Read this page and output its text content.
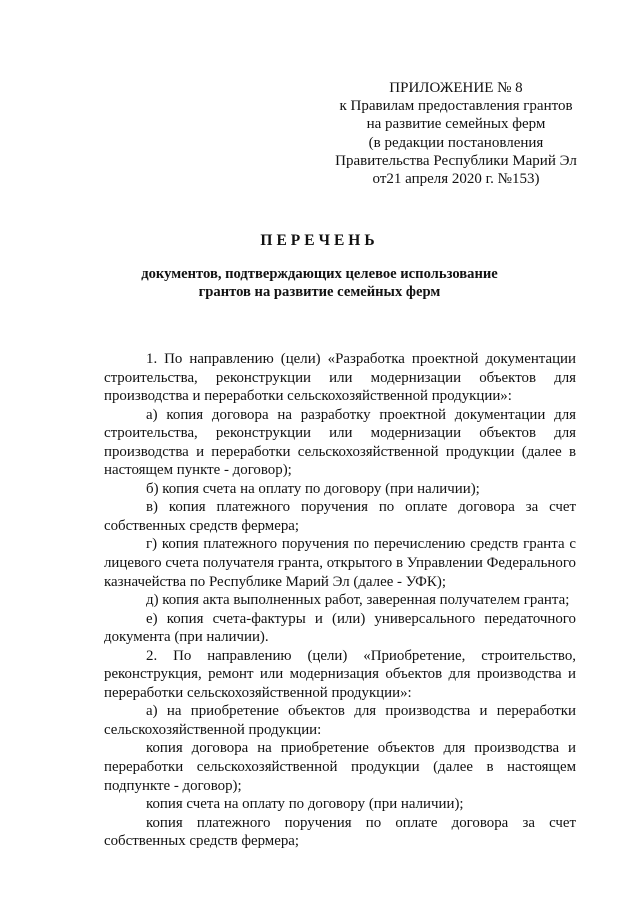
ПРИЛОЖЕНИЕ № 8
к Правилам предоставления грантов
на развитие семейных ферм
(в редакции постановления
Правительства Республики Марий Эл
от21 апреля 2020 г. №153)
ПЕРЕЧЕНЬ
документов, подтверждающих целевое использование
грантов на развитие семейных ферм

1. По направлению (цели) «Разработка проектной документации строительства, реконструкции или модернизации объектов для производства и переработки сельскохозяйственной продукции»:

а) копия договора на разработку проектной документации для строительства, реконструкции или модернизации объектов для производства и переработки сельскохозяйственной продукции (далее в настоящем пункте - договор);

б) копия счета на оплату по договору (при наличии);

в) копия платежного поручения по оплате договора за счет собственных средств фермера;

г) копия платежного поручения по перечислению средств гранта с лицевого счета получателя гранта, открытого в Управлении Федерального казначейства по Республике Марий Эл (далее - УФК);

д) копия акта выполненных работ, заверенная получателем гранта;

е) копия счета-фактуры и (или) универсального передаточного документа (при наличии).

2. По направлению (цели) «Приобретение, строительство, реконструкция, ремонт или модернизация объектов для производства и переработки сельскохозяйственной продукции»:

а) на приобретение объектов для производства и переработки сельскохозяйственной продукции:

копия договора на приобретение объектов для производства и переработки сельскохозяйственной продукции (далее в настоящем подпункте - договор);

копия счета на оплату по договору (при наличии);

копия платежного поручения по оплате договора за счет собственных средств фермера;
